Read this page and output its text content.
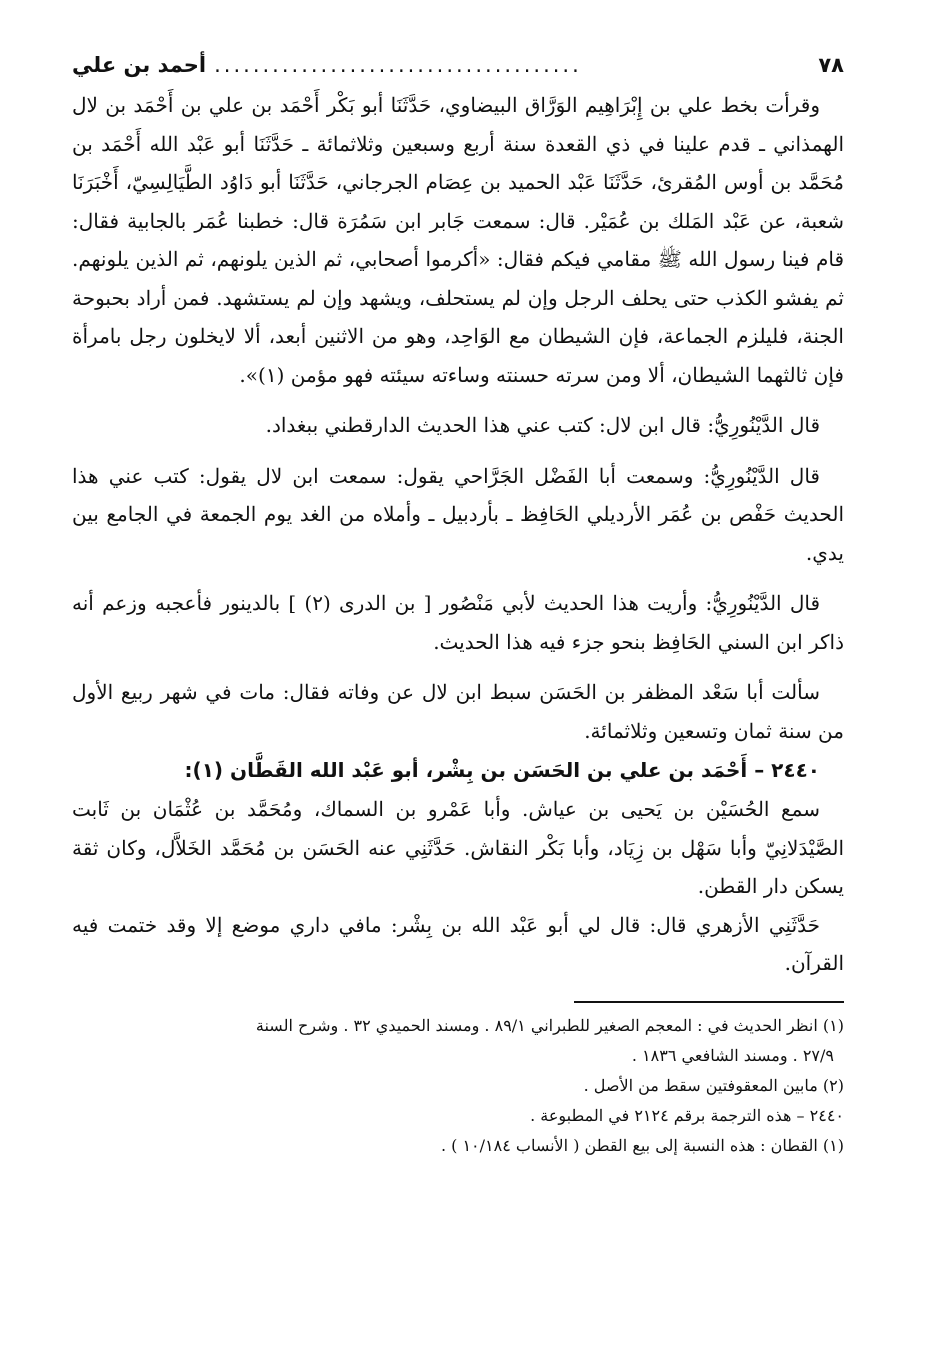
٧٨
......................................
أحمد بن علي

وقرأت بخط علي بن إِبْرَاهِيم الوَرَّاق البيضاوي، حَدَّثَنَا أبو بَكْر أَحْمَد بن علي بن أَحْمَد بن لال الهمذاني ـ قدم علينا في ذي القعدة سنة أربع وسبعين وثلاثمائة ـ حَدَّثَنَا أبو عَبْد الله أَحْمَد بن مُحَمَّد بن أوس المُقرئ، حَدَّثَنَا عَبْد الحميد بن عِصَام الجرجاني، حَدَّثَنَا أبو دَاوُد الطَّيَالِسِيّ، أَخْبَرَنَا شعبة، عن عَبْد المَلك بن عُمَيْر. قال: سمعت جَابر ابن سَمُرَة قال: خطبنا عُمَر بالجابية فقال: قام فينا رسول الله ﷺ مقامي فيكم فقال: «أكرموا أصحابي، ثم الذين يلونهم، ثم الذين يلونهم. ثم يفشو الكذب حتى يحلف الرجل وإن لم يستحلف، ويشهد وإن لم يستشهد. فمن أراد بحبوحة الجنة، فليلزم الجماعة، فإن الشيطان مع الوَاحِد، وهو من الاثنين أبعد، ألا لايخلون رجل بامرأة فإن ثالثهما الشيطان، ألا ومن سرته حسنته وساءته سيئته فهو مؤمن (١)».

قال الدَّيْنُورِيُّ: قال ابن لال: كتب عني هذا الحديث الدارقطني ببغداد.

قال الدَّيْنُورِيُّ: وسمعت أبا الفَضْل الجَرَّاحي يقول: سمعت ابن لال يقول: كتب عني هذا الحديث حَفْص بن عُمَر الأرديلي الحَافِظ ـ بأردبيل ـ وأملاه من الغد يوم الجمعة في الجامع بين يدي.

قال الدَّيْنُورِيُّ: وأريت هذا الحديث لأبي مَنْصُور [ بن الدرى (٢) ] بالدينور فأعجبه وزعم أنه ذاكر ابن السني الحَافِظ بنحو جزء فيه هذا الحديث.

سألت أبا سَعْد المظفر بن الحَسَن سبط ابن لال عن وفاته فقال: مات في شهر ربيع الأول من سنة ثمان وتسعين وثلاثمائة.

٢٤٤٠ – أَحْمَد بن علي بن الحَسَن بن بِشْر، أبو عَبْد الله القَطَّان (١):

سمع الحُسَيْن بن يَحيى بن عياش. وأبا عَمْرو بن السماك، ومُحَمَّد بن عُثْمَان بن ثَابت الصَّيْدَلانِيّ وأبا سَهْل بن زِيَاد، وأبا بَكْر النقاش. حَدَّثَنِي عنه الحَسَن بن مُحَمَّد الخَلاَّل، وكان ثقة يسكن دار القطن.

حَدَّثَنِي الأزهري قال: قال لي أبو عَبْد الله بن بِشْر: مافي داري موضع إلا وقد ختمت فيه القرآن.

(١) انظر الحديث في : المعجم الصغير للطبراني ٨٩/١ . ومسند الحميدي ٣٢ . وشرح السنة

٢٧/٩ . ومسند الشافعي ١٨٣٦ .

(٢) مابين المعقوفتين سقط من الأصل .

٢٤٤٠ – هذه الترجمة برقم ٢١٢٤ في المطبوعة .

(١) القطان : هذه النسبة إلى بيع القطن ( الأنساب ١٠/١٨٤ ) .
